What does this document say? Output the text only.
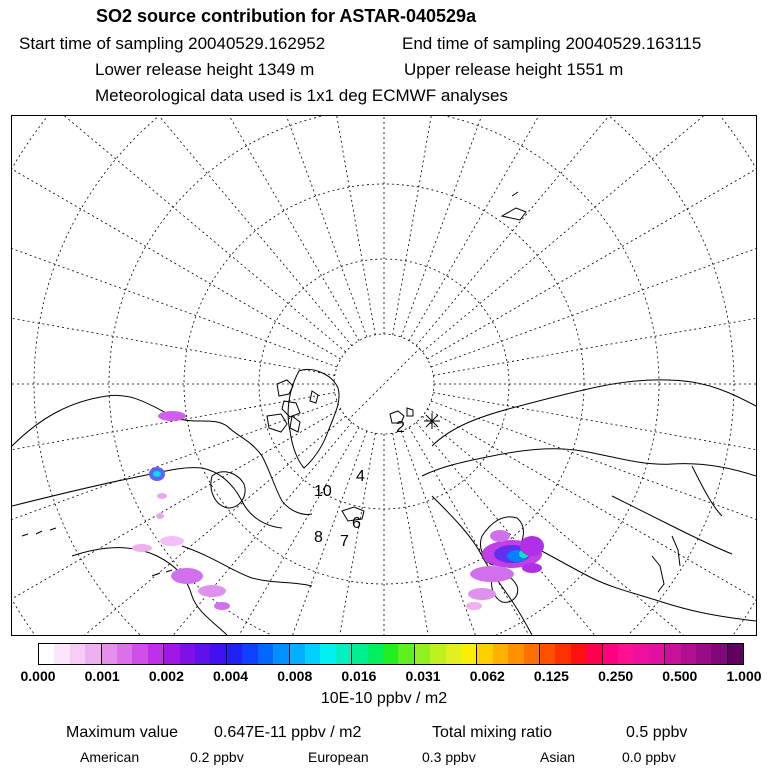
SO2 source contribution for ASTAR-040529a
Start time of sampling 20040529.162952	End time of sampling 20040529.163115
Lower release height 1349 m	Upper release height 1551 m
Meteorological data used is 1x1 deg ECMWF analyses
2
4
6
7
8
10
0.000 0.001 0.002 0.004 0.008 0.016 0.031 0.062 0.125 0.250 0.500 1.000
10E-10 ppbv / m2
Maximum value 0.647E-11 ppbv / m2	Total mixing ratio	0.5 ppbv
American	0.2 ppbv	European	0.3 ppbv	Asian	0.0 ppbv
